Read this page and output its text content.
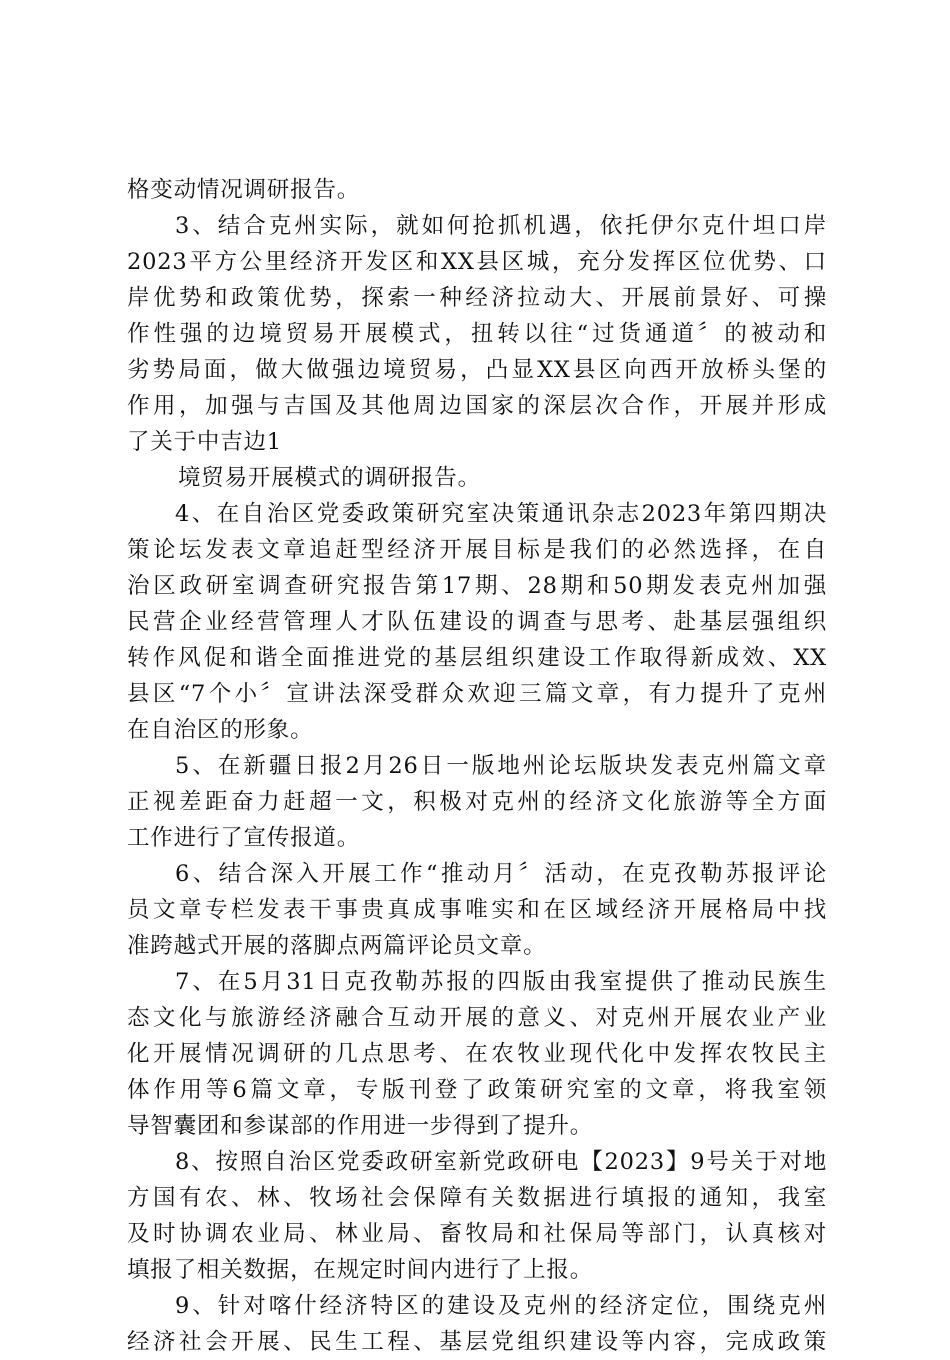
格变动情况调研报告。
3、结合克州实际，就如何抢抓机遇，依托伊尔克什坦口岸
2023平方公里经济开发区和XX县区城，充分发挥区位优势、口
岸优势和政策优势，探索一种经济拉动大、开展前景好、可操
作性强的边境贸易开展模式，扭转以往“过货通道〞的被动和
劣势局面，做大做强边境贸易，凸显XX县区向西开放桥头堡的
作用，加强与吉国及其他周边国家的深层次合作，开展并形成
了关于中吉边1
境贸易开展模式的调研报告。
4、在自治区党委政策研究室决策通讯杂志2023年第四期决
策论坛发表文章追赶型经济开展目标是我们的必然选择，在自
治区政研室调查研究报告第17期、28期和50期发表克州加强
民营企业经营管理人才队伍建设的调查与思考、赴基层强组织
转作风促和谐全面推进党的基层组织建设工作取得新成效、XX
县区“7个小〞宣讲法深受群众欢迎三篇文章，有力提升了克州
在自治区的形象。
5、在新疆日报2月26日一版地州论坛版块发表克州篇文章
正视差距奋力赶超一文，积极对克州的经济文化旅游等全方面
工作进行了宣传报道。
6、结合深入开展工作“推动月〞活动，在克孜勒苏报评论
员文章专栏发表干事贵真成事唯实和在区域经济开展格局中找
准跨越式开展的落脚点两篇评论员文章。
7、在5月31日克孜勒苏报的四版由我室提供了推动民族生
态文化与旅游经济融合互动开展的意义、对克州开展农业产业
化开展情况调研的几点思考、在农牧业现代化中发挥农牧民主
体作用等6篇文章，专版刊登了政策研究室的文章，将我室领
导智囊团和参谋部的作用进一步得到了提升。
8、按照自治区党委政研室新党政研电【2023】9号关于对地
方国有农、林、牧场社会保障有关数据进行填报的通知，我室
及时协调农业局、林业局、畜牧局和社保局等部门，认真核对
填报了相关数据，在规定时间内进行了上报。
9、针对喀什经济特区的建设及克州的经济定位，围绕克州
经济社会开展、民生工程、基层党组织建设等内容，完成政策
